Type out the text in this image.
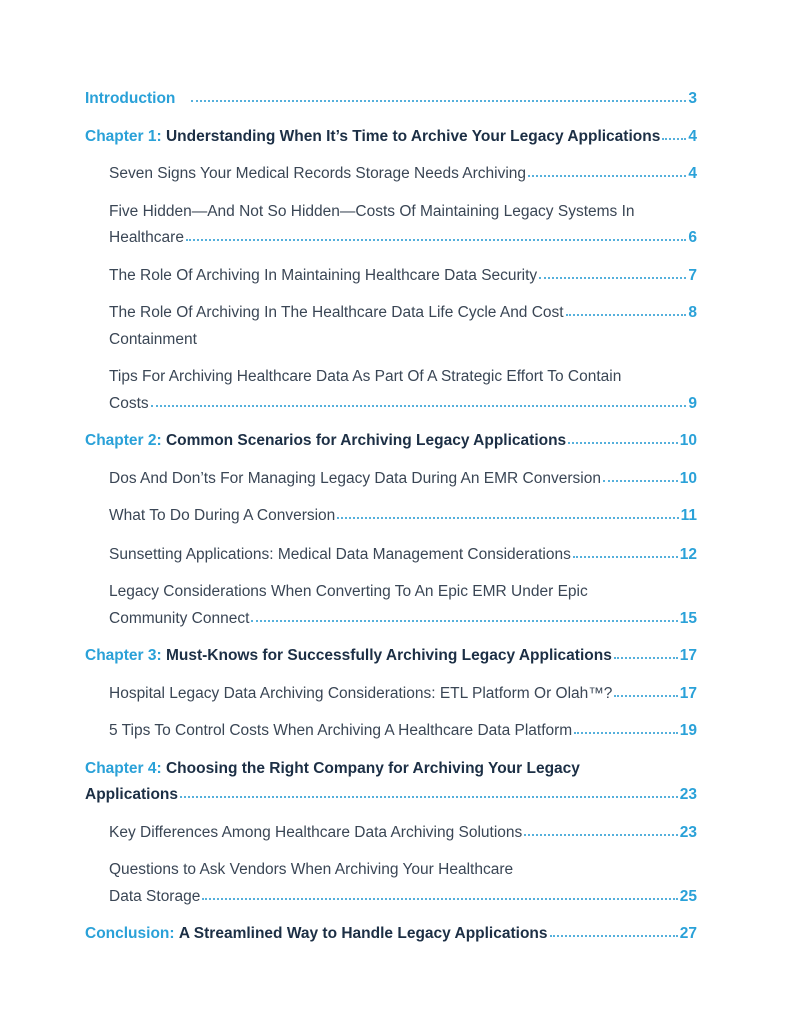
Introduction	3
Chapter 1: Understanding When It’s Time to Archive Your Legacy Applications 4
Seven Signs Your Medical Records Storage Needs Archiving	4
Five Hidden—And Not So Hidden—Costs Of Maintaining Legacy Systems In
Healthcare	6
The Role Of Archiving In Maintaining Healthcare Data Security	7
The Role Of Archiving In The Healthcare Data Life Cycle And Cost	8
Containment
Tips For Archiving Healthcare Data As Part Of A Strategic Effort To Contain
Costs	9
Chapter 2: Common Scenarios for Archiving Legacy Applications	10
Dos And Don’ts For Managing Legacy Data During An EMR Conversion	10
What To Do During A Conversion	11
Sunsetting Applications: Medical Data Management Considerations	12
Legacy Considerations When Converting To An Epic EMR Under Epic
Community Connect	15
Chapter 3: Must-Knows for Successfully Archiving Legacy Applications	17
Hospital Legacy Data Archiving Considerations: ETL Platform Or Olah™?	17
5 Tips To Control Costs When Archiving A Healthcare Data Platform	19
Chapter 4: Choosing the Right Company for Archiving Your Legacy
Applications	23
Key Differences Among Healthcare Data Archiving Solutions	23
Questions to Ask Vendors When Archiving Your Healthcare
Data Storage	25
Conclusion: A Streamlined Way to Handle Legacy Applications	27
